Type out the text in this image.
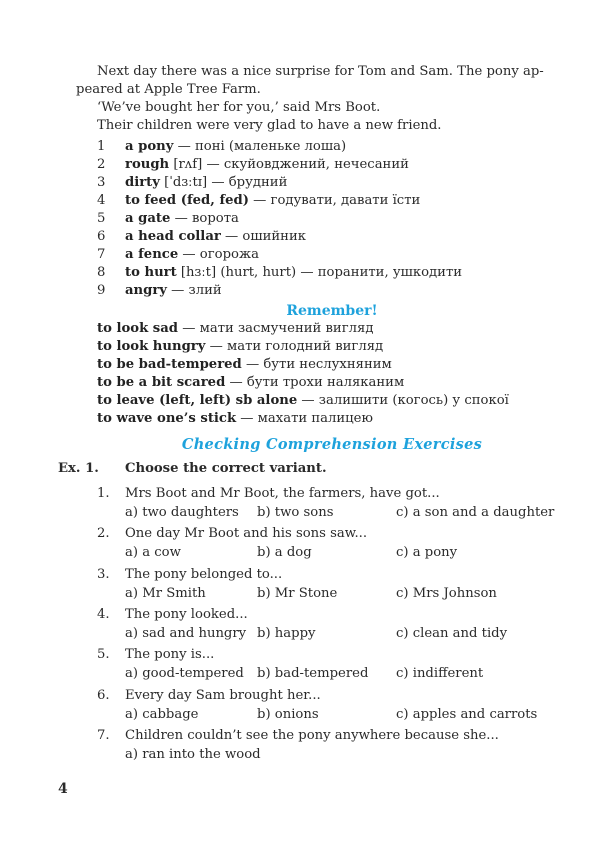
Next day there was a nice surprise for Tom and Sam. The pony ap-
peared at Apple Tree Farm.
‘We’ve bought her for you,’ said Mrs Boot.
Their children were very glad to have a new friend.
1 a pony — поні (маленьке лоша)
2 rough [rʌf] — скуйовджений, нечесаний
3 dirty [ˈdɜːtɪ] — брудний
4 to feed (fed, fed) — годувати, давати їсти
5 a gate — ворота
6 a head collar — ошийник
7 a fence — огорожа
8 to hurt [hɜːt] (hurt, hurt) — поранити, ушкодити
9 angry — злий
Remember!
to look sad — мати засмучений вигляд
to look hungry — мати голодний вигляд
to be bad-tempered — бути неслухняним
to be a bit scared — бути трохи наляканим
to leave (left, left) sb alone — залишити (когось) у спокої
to wave one’s stick — махати палицею
Checking Comprehension Exercises
Ex. 1. Choose the correct variant.
1. Mrs Boot and Mr Boot, the farmers, have got...
a) two daughters b) two sons	c) a son and a daughter
2. One day Mr Boot and his sons saw...
a) a cow	b) a dog	c) a pony
3. The pony belonged to...
a) Mr Smith	b) Mr Stone	c) Mrs Johnson
4. The pony looked...
a) sad and hungry b) happy	c) clean and tidy
5. The pony is...
a) good-tempered b) bad-tempered c) indifferent
6. Every day Sam brought her...
a) cabbage	b) onions	c) apples and carrots
7. Children couldn’t see the pony anywhere because she...
a) ran into the wood
4
